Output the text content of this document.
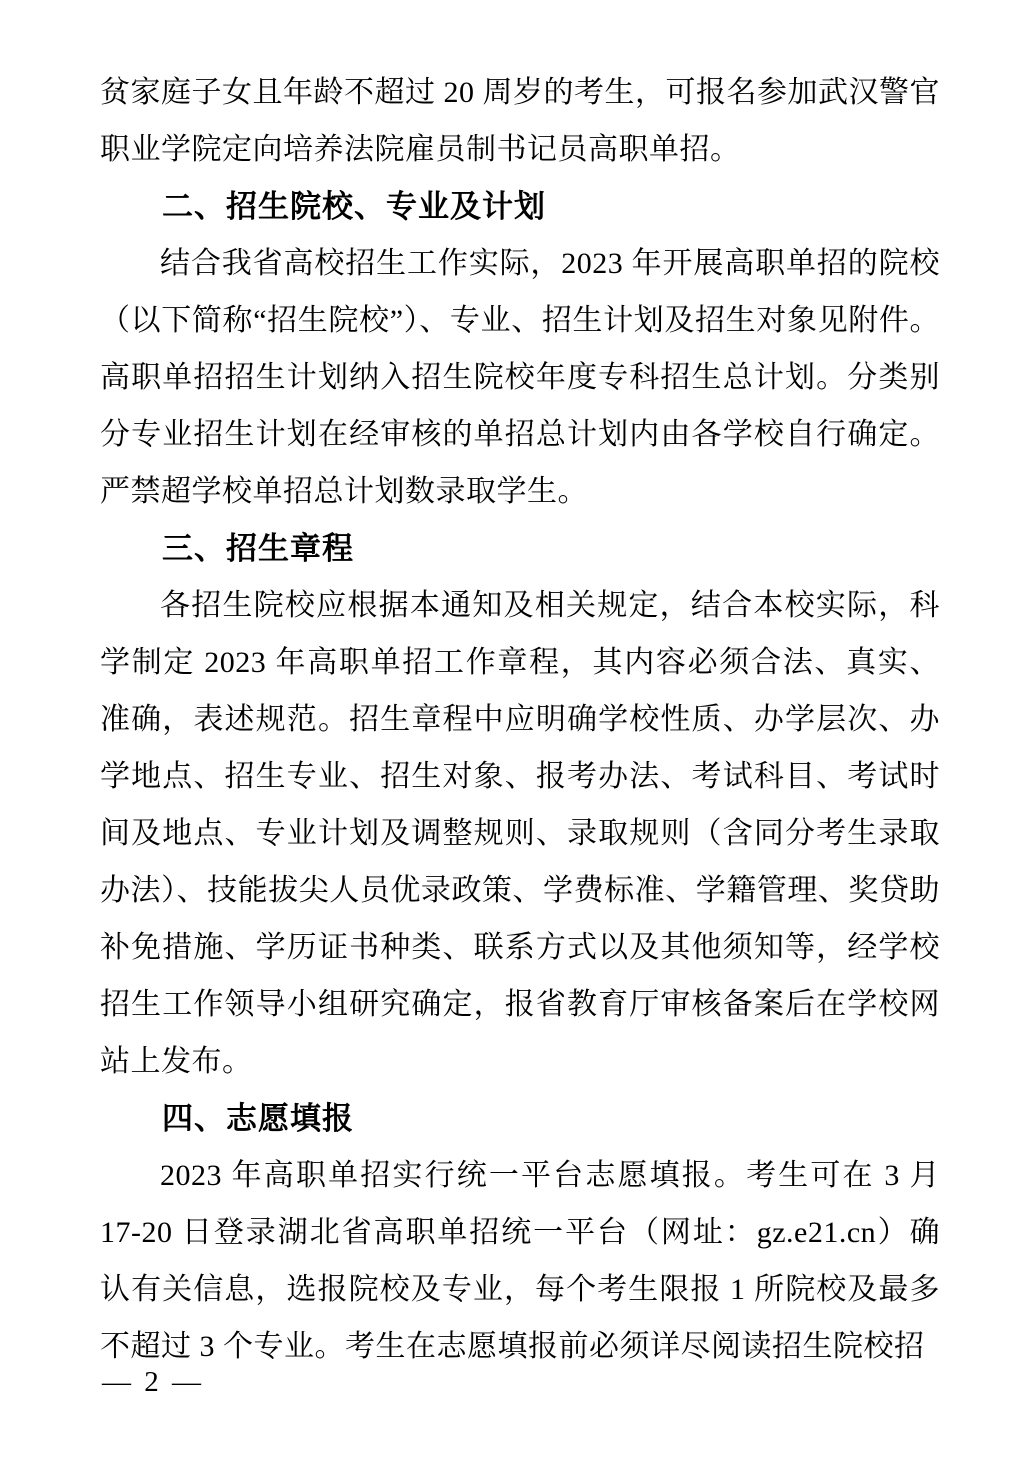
贫家庭子女且年龄不超过 20 周岁的考生，可报名参加武汉警官职业学院定向培养法院雇员制书记员高职单招。

二、招生院校、专业及计划

结合我省高校招生工作实际，2023 年开展高职单招的院校（以下简称“招生院校”）、专业、招生计划及招生对象见附件。高职单招招生计划纳入招生院校年度专科招生总计划。分类别分专业招生计划在经审核的单招总计划内由各学校自行确定。严禁超学校单招总计划数录取学生。

三、招生章程

各招生院校应根据本通知及相关规定，结合本校实际，科学制定 2023 年高职单招工作章程，其内容必须合法、真实、准确，表述规范。招生章程中应明确学校性质、办学层次、办学地点、招生专业、招生对象、报考办法、考试科目、考试时间及地点、专业计划及调整规则、录取规则（含同分考生录取办法）、技能拔尖人员优录政策、学费标准、学籍管理、奖贷助补免措施、学历证书种类、联系方式以及其他须知等，经学校招生工作领导小组研究确定，报省教育厅审核备案后在学校网站上发布。

四、志愿填报

2023 年高职单招实行统一平台志愿填报。考生可在 3 月 17-20 日登录湖北省高职单招统一平台（网址：gz.e21.cn）确认有关信息，选报院校及专业，每个考生限报 1 所院校及最多不超过 3 个专业。考生在志愿填报前必须详尽阅读招生院校招

— 2 —
